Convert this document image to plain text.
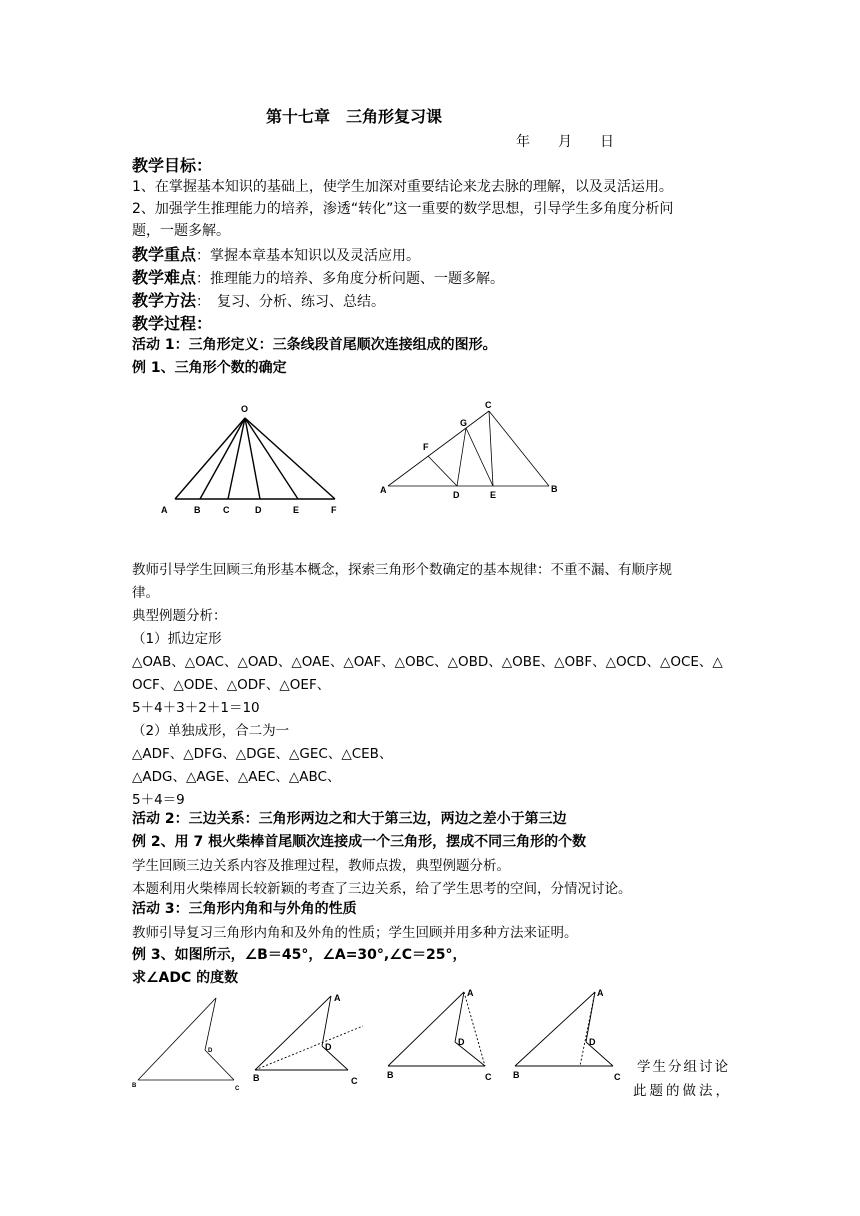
第十七章　三角形复习课
年　　月　　日
教学目标：
1、在掌握基本知识的基础上，使学生加深对重要结论来龙去脉的理解，以及灵活运用。
2、加强学生推理能力的培养，渗透“转化”这一重要的数学思想，引导学生多角度分析问
题，一题多解。
教学重点：掌握本章基本知识以及灵活应用。
教学难点：推理能力的培养、多角度分析问题、一题多解。
教学方法：　复习、分析、练习、总结。
教学过程：
活动 1：三角形定义：三条线段首尾顺次连接组成的图形。
例 1、三角形个数的确定
O
A	B	C	D	E	F
A	B
C
D	E
F
G
教师引导学生回顾三角形基本概念，探索三角形个数确定的基本规律：不重不漏、有顺序规
律。
典型例题分析：
（1）抓边定形
△OAB、△OAC、△OAD、△OAE、△OAF、△OBC、△OBD、△OBE、△OBF、△OCD、△OCE、△
OCF、△ODE、△ODF、△OEF、
5＋4＋3＋2＋1＝10
（2）单独成形，合二为一
△ADF、△DFG、△DGE、△GEC、△CEB、
△ADG、△AGE、△AEC、△ABC、
5＋4＝9
活动 2：三边关系：三角形两边之和大于第三边，两边之差小于第三边
例 2、用 7 根火柴棒首尾顺次连接成一个三角形，摆成不同三角形的个数
学生回顾三边关系内容及推理过程，教师点拨，典型例题分析。
本题利用火柴棒周长较新颖的考查了三边关系，给了学生思考的空间，分情况讨论。
活动 3：三角形内角和与外角的性质
教师引导复习三角形内角和及外角的性质；学生回顾并用多种方法来证明。
例 3、如图所示，∠B＝45°，∠A=30°,∠C＝25°，
求∠ADC 的度数
B	C
D
A
B	C
D
A
B	C
D
A
B	C
D
学生分组讨论
此题的做法，
